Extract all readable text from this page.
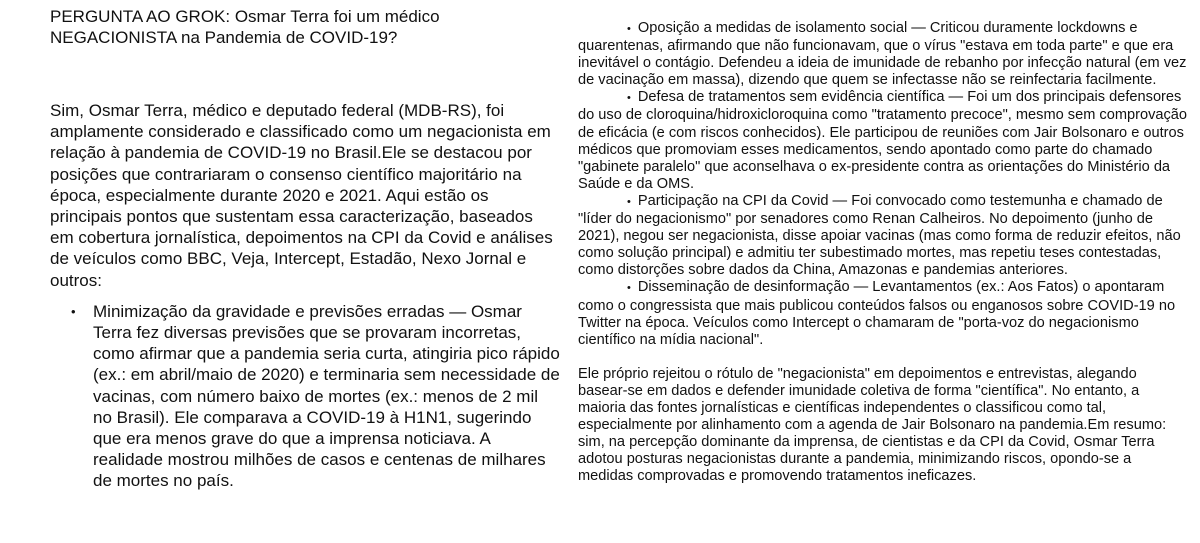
PERGUNTA AO GROK: Osmar Terra foi um médico NEGACIONISTA na Pandemia de COVID-19?

Sim, Osmar Terra, médico e deputado federal (MDB-RS), foi amplamente considerado e classificado como um negacionista em relação à pandemia de COVID-19 no Brasil.Ele se destacou por posições que contrariaram o consenso científico majoritário na época, especialmente durante 2020 e 2021. Aqui estão os principais pontos que sustentam essa caracterização, baseados em cobertura jornalística, depoimentos na CPI da Covid e análises de veículos como BBC, Veja, Intercept, Estadão, Nexo Jornal e outros:

• Minimização da gravidade e previsões erradas — Osmar Terra fez diversas previsões que se provaram incorretas, como afirmar que a pandemia seria curta, atingiria pico rápido (ex.: em abril/maio de 2020) e terminaria sem necessidade de vacinas, com número baixo de mortes (ex.: menos de 2 mil no Brasil). Ele comparava a COVID-19 à H1N1, sugerindo que era menos grave do que a imprensa noticiava. A realidade mostrou milhões de casos e centenas de milhares de mortes no país.
• Oposição a medidas de isolamento social — Criticou duramente lockdowns e quarentenas, afirmando que não funcionavam, que o vírus "estava em toda parte" e que era inevitável o contágio. Defendeu a ideia de imunidade de rebanho por infecção natural (em vez de vacinação em massa), dizendo que quem se infectasse não se reinfectaria facilmente.
• Defesa de tratamentos sem evidência científica — Foi um dos principais defensores do uso de cloroquina/hidroxicloroquina como "tratamento precoce", mesmo sem comprovação de eficácia (e com riscos conhecidos). Ele participou de reuniões com Jair Bolsonaro e outros médicos que promoviam esses medicamentos, sendo apontado como parte do chamado "gabinete paralelo" que aconselhava o ex-presidente contra as orientações do Ministério da Saúde e da OMS.
• Participação na CPI da Covid — Foi convocado como testemunha e chamado de "líder do negacionismo" por senadores como Renan Calheiros. No depoimento (junho de 2021), negou ser negacionista, disse apoiar vacinas (mas como forma de reduzir efeitos, não como solução principal) e admitiu ter subestimado mortes, mas repetiu teses contestadas, como distorções sobre dados da China, Amazonas e pandemias anteriores.
• Disseminação de desinformação — Levantamentos (ex.: Aos Fatos) o apontaram como o congressista que mais publicou conteúdos falsos ou enganosos sobre COVID-19 no Twitter na época. Veículos como Intercept o chamaram de "porta-voz do negacionismo científico na mídia nacional".

Ele próprio rejeitou o rótulo de "negacionista" em depoimentos e entrevistas, alegando basear-se em dados e defender imunidade coletiva de forma "científica". No entanto, a maioria das fontes jornalísticas e científicas independentes o classificou como tal, especialmente por alinhamento com a agenda de Jair Bolsonaro na pandemia.Em resumo: sim, na percepção dominante da imprensa, de cientistas e da CPI da Covid, Osmar Terra adotou posturas negacionistas durante a pandemia, minimizando riscos, opondo-se a medidas comprovadas e promovendo tratamentos ineficazes.
